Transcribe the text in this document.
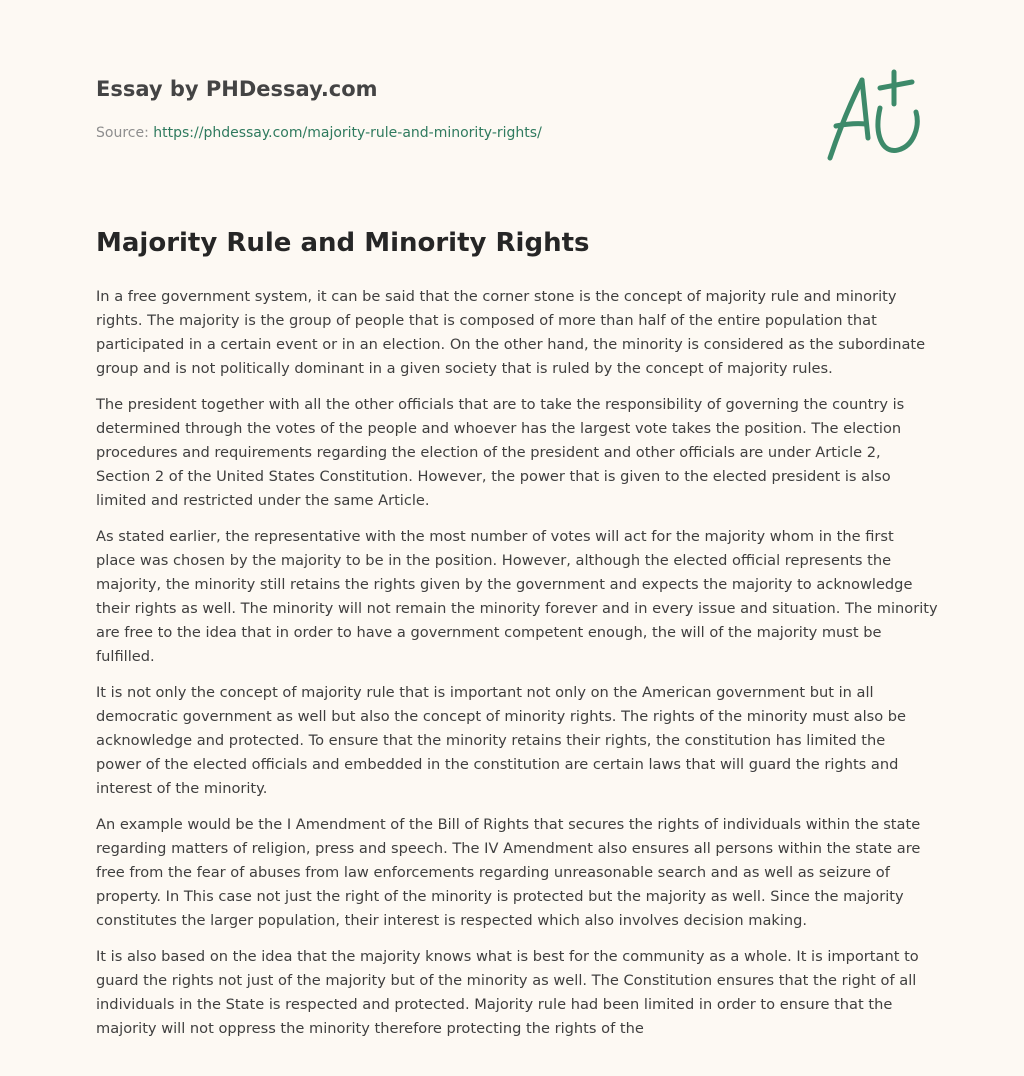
Essay by PHDessay.com
Source: https://phdessay.com/majority-rule-and-minority-rights/
Majority Rule and Minority Rights

In a free government system, it can be said that the corner stone is the concept of majority rule and minority
rights. The majority is the group of people that is composed of more than half of the entire population that
participated in a certain event or in an election. On the other hand, the minority is considered as the subordinate
group and is not politically dominant in a given society that is ruled by the concept of majority rules.

The president together with all the other officials that are to take the responsibility of governing the country is
determined through the votes of the people and whoever has the largest vote takes the position. The election
procedures and requirements regarding the election of the president and other officials are under Article 2,
Section 2 of the United States Constitution. However, the power that is given to the elected president is also
limited and restricted under the same Article.

As stated earlier, the representative with the most number of votes will act for the majority whom in the first
place was chosen by the majority to be in the position. However, although the elected official represents the
majority, the minority still retains the rights given by the government and expects the majority to acknowledge
their rights as well. The minority will not remain the minority forever and in every issue and situation. The minority
are free to the idea that in order to have a government competent enough, the will of the majority must be
fulfilled.

It is not only the concept of majority rule that is important not only on the American government but in all
democratic government as well but also the concept of minority rights. The rights of the minority must also be
acknowledge and protected. To ensure that the minority retains their rights, the constitution has limited the
power of the elected officials and embedded in the constitution are certain laws that will guard the rights and
interest of the minority.

An example would be the I Amendment of the Bill of Rights that secures the rights of individuals within the state
regarding matters of religion, press and speech. The IV Amendment also ensures all persons within the state are
free from the fear of abuses from law enforcements regarding unreasonable search and as well as seizure of
property. In This case not just the right of the minority is protected but the majority as well. Since the majority
constitutes the larger population, their interest is respected which also involves decision making.

It is also based on the idea that the majority knows what is best for the community as a whole. It is important to
guard the rights not just of the majority but of the minority as well. The Constitution ensures that the right of all
individuals in the State is respected and protected. Majority rule had been limited in order to ensure that the
majority will not oppress the minority therefore protecting the rights of the
